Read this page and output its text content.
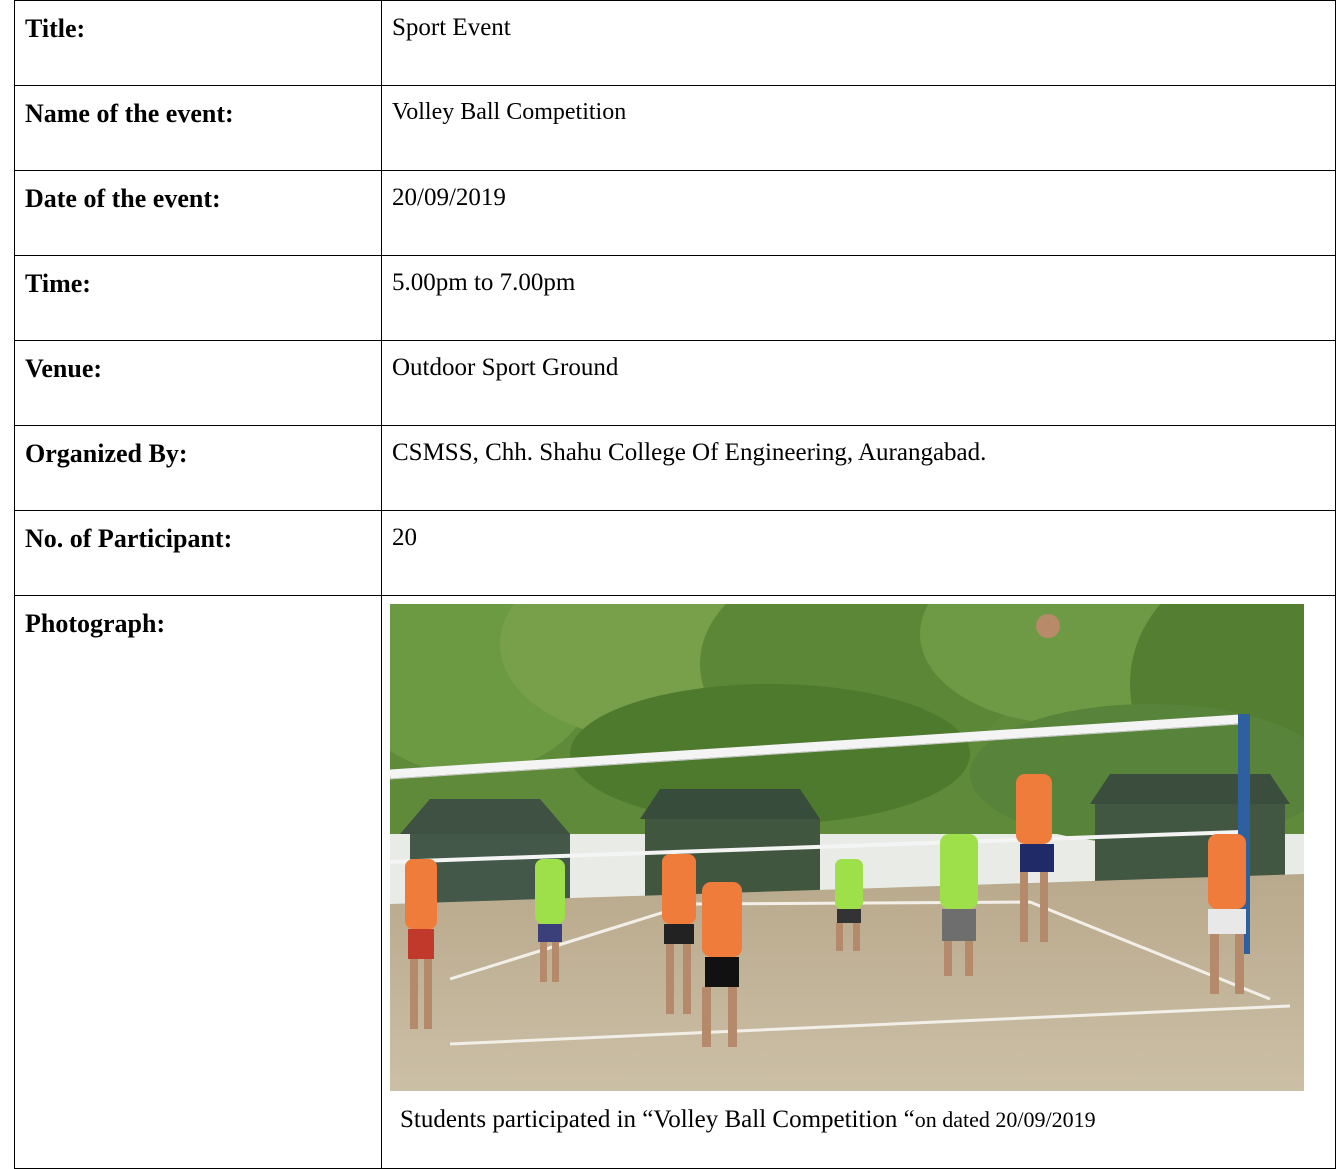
Title:	Sport Event
Name of the event:	Volley Ball Competition
Date of the event:	20/09/2019
Time:	5.00pm to 7.00pm
Venue:	Outdoor Sport Ground
Organized By:	CSMSS, Chh. Shahu College Of Engineering, Aurangabad.
No. of Participant:	20
Photograph:	Students participated in “Volley Ball Competition “on dated 20/09/2019
